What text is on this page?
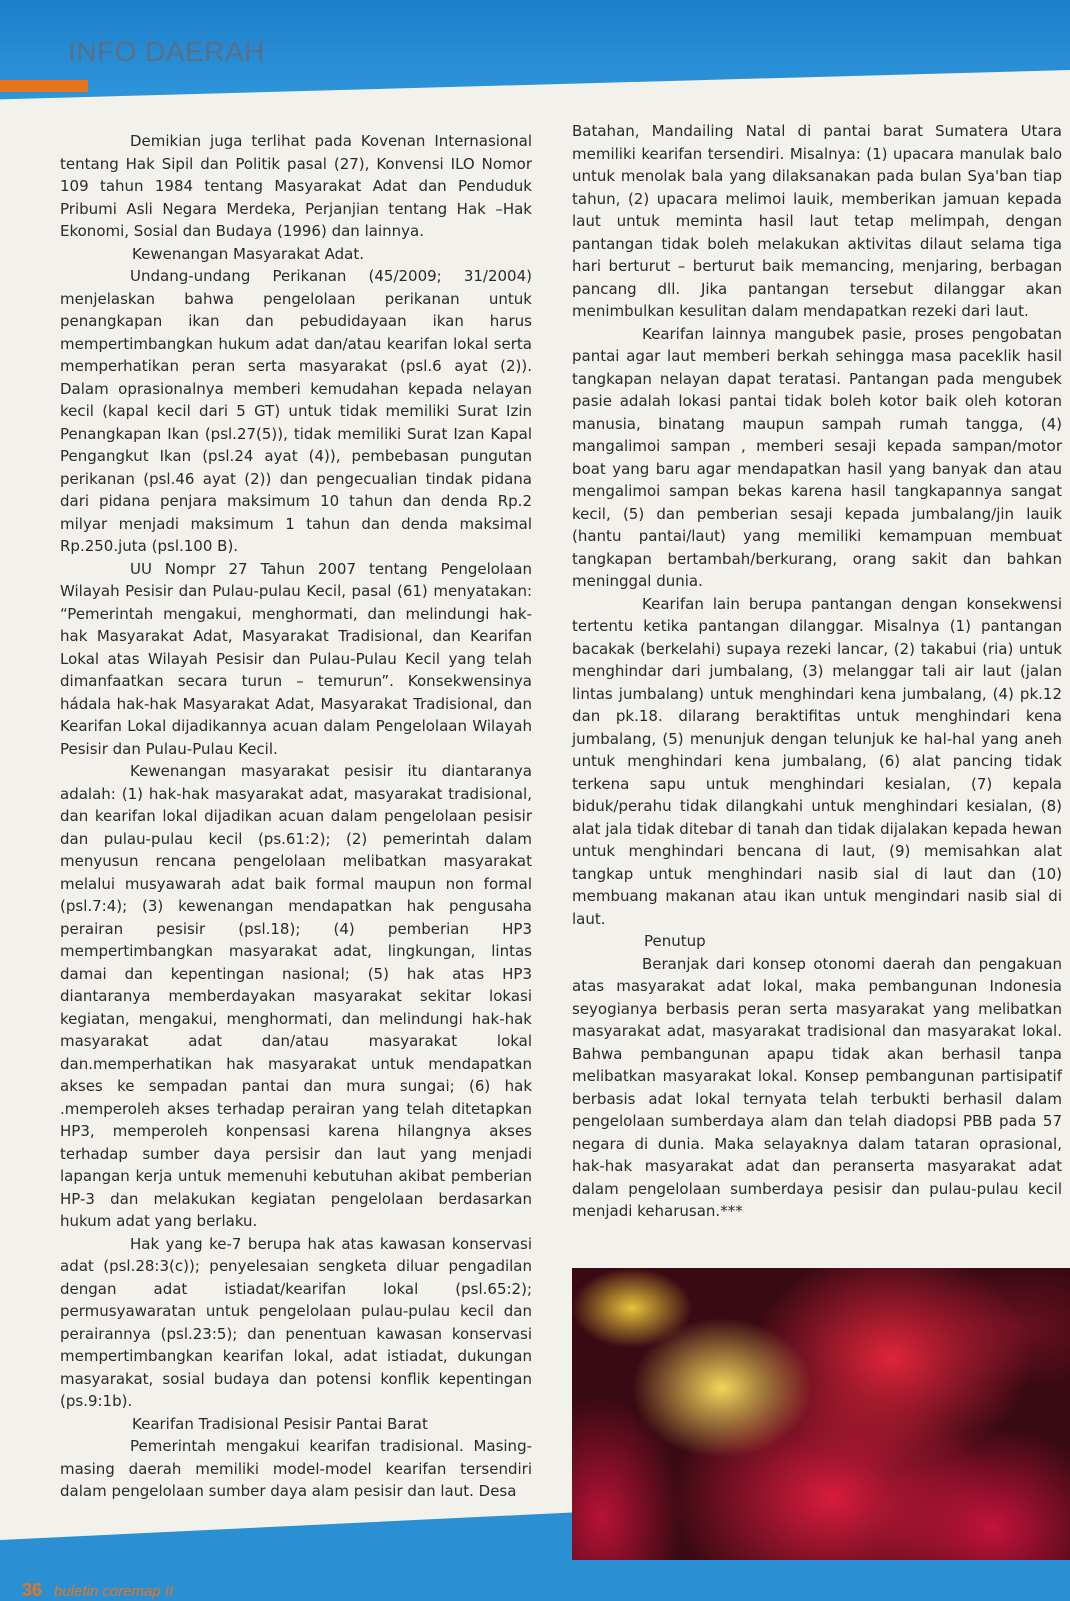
INFO DAERAH

Demikian juga terlihat pada Kovenan Internasional tentang Hak Sipil dan Politik pasal (27), Konvensi ILO Nomor 109 tahun 1984 tentang Masyarakat Adat dan Penduduk Pribumi Asli Negara Merdeka, Perjanjian tentang Hak –Hak Ekonomi, Sosial dan Budaya (1996) dan lainnya.

Kewenangan Masyarakat Adat.

Undang-undang Perikanan (45/2009; 31/2004) menjelaskan bahwa pengelolaan perikanan untuk penangkapan ikan dan pebudidayaan ikan harus mempertimbangkan hukum adat dan/atau kearifan lokal serta memperhatikan peran serta masyarakat (psl.6 ayat (2)). Dalam oprasionalnya memberi kemudahan kepada nelayan kecil (kapal kecil dari 5 GT) untuk tidak memiliki Surat Izin Penangkapan Ikan (psl.27(5)), tidak memiliki Surat Izan Kapal Pengangkut Ikan (psl.24 ayat (4)), pembebasan pungutan perikanan (psl.46 ayat (2)) dan pengecualian tindak pidana dari pidana penjara maksimum 10 tahun dan denda Rp.2 milyar menjadi maksimum 1 tahun dan denda maksimal Rp.250.juta (psl.100 B).

UU Nompr 27 Tahun 2007 tentang Pengelolaan Wilayah Pesisir dan Pulau-pulau Kecil, pasal (61) menyatakan: “Pemerintah mengakui, menghormati, dan melindungi hak-hak Masyarakat Adat, Masyarakat Tradisional, dan Kearifan Lokal atas Wilayah Pesisir dan Pulau-Pulau Kecil yang telah dimanfaatkan secara turun – temurun”. Konsekwensinya hádala hak-hak Masyarakat Adat, Masyarakat Tradisional, dan Kearifan Lokal dijadikannya acuan dalam Pengelolaan Wilayah Pesisir dan Pulau-Pulau Kecil.

Kewenangan masyarakat pesisir itu diantaranya adalah: (1) hak-hak masyarakat adat, masyarakat tradisional, dan kearifan lokal dijadikan acuan dalam pengelolaan pesisir dan pulau-pulau kecil (ps.61:2); (2) pemerintah dalam menyusun rencana pengelolaan melibatkan masyarakat melalui musyawarah adat baik formal maupun non formal (psl.7:4); (3) kewenangan mendapatkan hak pengusaha perairan pesisir (psl.18); (4) pemberian HP3 mempertimbangkan masyarakat adat, lingkungan, lintas damai dan kepentingan nasional; (5) hak atas HP3 diantaranya memberdayakan masyarakat sekitar lokasi kegiatan, mengakui, menghormati, dan melindungi hak-hak masyarakat adat dan/atau masyarakat lokal dan.memperhatikan hak masyarakat untuk mendapatkan akses ke sempadan pantai dan mura sungai; (6) hak .memperoleh akses terhadap perairan yang telah ditetapkan HP3, memperoleh konpensasi karena hilangnya akses terhadap sumber daya persisir dan laut yang menjadi lapangan kerja untuk memenuhi kebutuhan akibat pemberian HP-3 dan melakukan kegiatan pengelolaan berdasarkan hukum adat yang berlaku.

Hak yang ke-7 berupa hak atas kawasan konservasi adat (psl.28:3(c)); penyelesaian sengketa diluar pengadilan dengan adat istiadat/kearifan lokal (psl.65:2); permusyawaratan untuk pengelolaan pulau-pulau kecil dan perairannya (psl.23:5); dan penentuan kawasan konservasi mempertimbangkan kearifan lokal, adat istiadat, dukungan masyarakat, sosial budaya dan potensi konflik kepentingan (ps.9:1b).

Kearifan Tradisional Pesisir Pantai Barat

Pemerintah mengakui kearifan tradisional. Masing-masing daerah memiliki model-model kearifan tersendiri dalam pengelolaan sumber daya alam pesisir dan laut. Desa

Batahan, Mandailing Natal di pantai barat Sumatera Utara memiliki kearifan tersendiri. Misalnya: (1) upacara manulak balo untuk menolak bala yang dilaksanakan pada bulan Sya'ban tiap tahun, (2) upacara melimoi lauik, memberikan jamuan kepada laut untuk meminta hasil laut tetap melimpah, dengan pantangan tidak boleh melakukan aktivitas dilaut selama tiga hari berturut – berturut baik memancing, menjaring, berbagan pancang dll. Jika pantangan tersebut dilanggar akan menimbulkan kesulitan dalam mendapatkan rezeki dari laut.

Kearifan lainnya mangubek pasie, proses pengobatan pantai agar laut memberi berkah sehingga masa paceklik hasil tangkapan nelayan dapat teratasi. Pantangan pada mengubek pasie adalah lokasi pantai tidak boleh kotor baik oleh kotoran manusia, binatang maupun sampah rumah tangga, (4) mangalimoi sampan , memberi sesaji kepada sampan/motor boat yang baru agar mendapatkan hasil yang banyak dan atau mengalimoi sampan bekas karena hasil tangkapannya sangat kecil, (5) dan pemberian sesaji kepada jumbalang/jin lauik (hantu pantai/laut) yang memiliki kemampuan membuat tangkapan bertambah/berkurang, orang sakit dan bahkan meninggal dunia.

Kearifan lain berupa pantangan dengan konsekwensi tertentu ketika pantangan dilanggar. Misalnya (1) pantangan bacakak (berkelahi) supaya rezeki lancar, (2) takabui (ria) untuk menghindar dari jumbalang, (3) melanggar tali air laut (jalan lintas jumbalang) untuk menghindari kena jumbalang, (4) pk.12 dan pk.18. dilarang beraktifitas untuk menghindari kena jumbalang, (5) menunjuk dengan telunjuk ke hal-hal yang aneh untuk menghindari kena jumbalang, (6) alat pancing tidak terkena sapu untuk menghindari kesialan, (7) kepala biduk/perahu tidak dilangkahi untuk menghindari kesialan, (8) alat jala tidak ditebar di tanah dan tidak dijalakan kepada hewan untuk menghindari bencana di laut, (9) memisahkan alat tangkap untuk menghindari nasib sial di laut dan (10) membuang makanan atau ikan untuk mengindari nasib sial di laut.

Penutup

Beranjak dari konsep otonomi daerah dan pengakuan atas masyarakat adat lokal, maka pembangunan Indonesia seyogianya berbasis peran serta masyarakat yang melibatkan masyarakat adat, masyarakat tradisional dan masyarakat lokal. Bahwa pembangunan apapu tidak akan berhasil tanpa melibatkan masyarakat lokal. Konsep pembangunan partisipatif berbasis adat lokal ternyata telah terbukti berhasil dalam pengelolaan sumberdaya alam dan telah diadopsi PBB pada 57 negara di dunia. Maka selayaknya dalam tataran oprasional, hak-hak masyarakat adat dan peranserta masyarakat adat dalam pengelolaan sumberdaya pesisir dan pulau-pulau kecil menjadi keharusan.***

36 buletin coremap II
